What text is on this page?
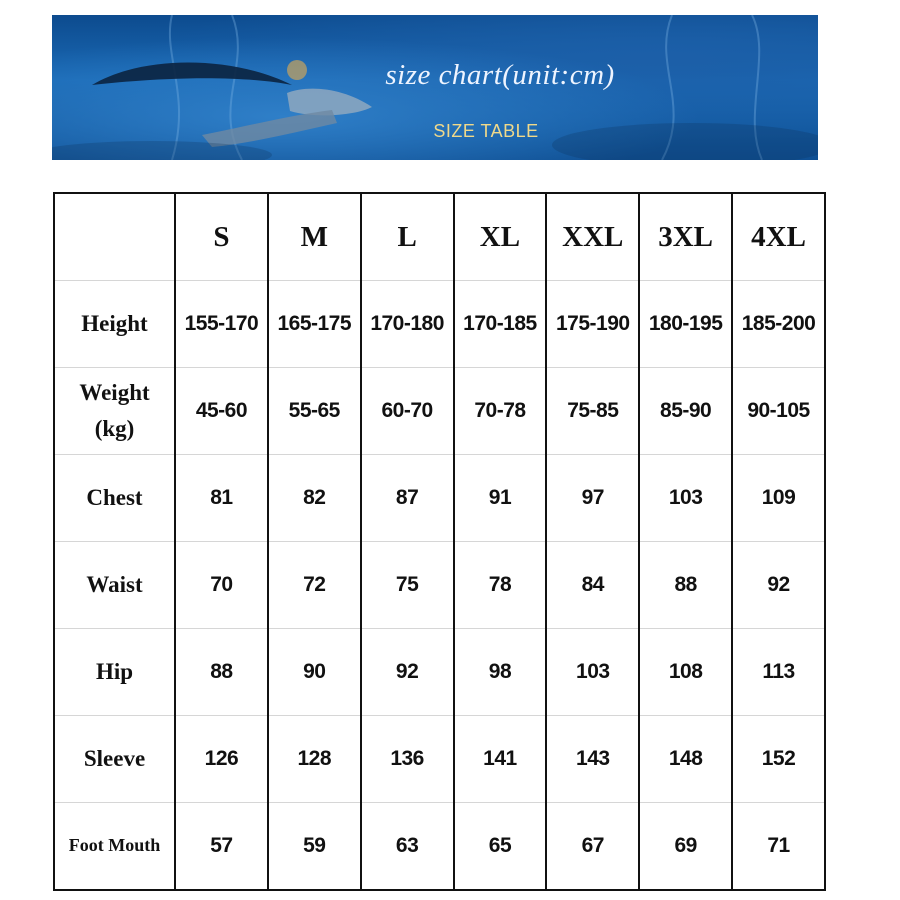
size chart(unit:cm)
SIZE TABLE
	S	M	L	XL	XXL	3XL	4XL
Height	155-170	165-175	170-180	170-185	175-190	180-195	185-200

Weight
(kg)	45-60	55-65	60-70	70-78	75-85	85-90	90-105
Chest	81	82	87	91	97	103	109
Waist	70	72	75	78	84	88	92
Hip	88	90	92	98	103	108	113
Sleeve	126	128	136	141	143	148	152
Foot Mouth	57	59	63	65	67	69	71
